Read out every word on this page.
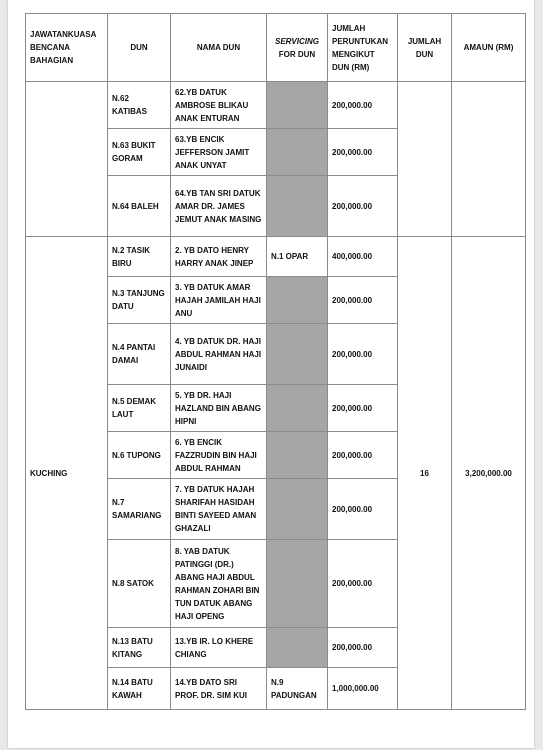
JAWATANKUASA BENCANA BAHAGIAN	DUN	NAMA DUN	SERVICING FOR DUN	JUMLAH PERUNTUKAN MENGIKUT DUN (RM)	JUMLAH DUN	AMAUN (RM)
	N.62 KATIBAS	62.YB DATUK AMBROSE BLIKAU ANAK ENTURAN		200,000.00		
	N.63 BUKIT GORAM	63.YB ENCIK JEFFERSON JAMIT ANAK UNYAT		200,000.00		
	N.64 BALEH	64.YB TAN SRI DATUK AMAR DR. JAMES JEMUT ANAK MASING		200,000.00		
KUCHING	N.2 TASIK BIRU	2. YB DATO HENRY HARRY ANAK JINEP	N.1 OPAR	400,000.00	16	3,200,000.00
	N.3 TANJUNG DATU	3. YB DATUK AMAR HAJAH JAMILAH HAJI ANU		200,000.00		
	N.4 PANTAI DAMAI	4. YB DATUK DR. HAJI ABDUL RAHMAN HAJI JUNAIDI		200,000.00		
	N.5 DEMAK LAUT	5. YB DR. HAJI HAZLAND BIN ABANG HIPNI		200,000.00		
	N.6 TUPONG	6. YB ENCIK FAZZRUDIN BIN HAJI ABDUL RAHMAN		200,000.00		
	N.7 SAMARIANG	7. YB DATUK HAJAH SHARIFAH HASIDAH BINTI SAYEED AMAN GHAZALI		200,000.00		
	N.8 SATOK	8. YAB DATUK PATINGGI (DR.) ABANG HAJI ABDUL RAHMAN ZOHARI BIN TUN DATUK ABANG HAJI OPENG		200,000.00		
	N.13 BATU KITANG	13.YB IR. LO KHERE CHIANG		200,000.00		
	N.14 BATU KAWAH	14.YB DATO SRI PROF. DR. SIM KUI	N.9 PADUNGAN	1,000,000.00		
